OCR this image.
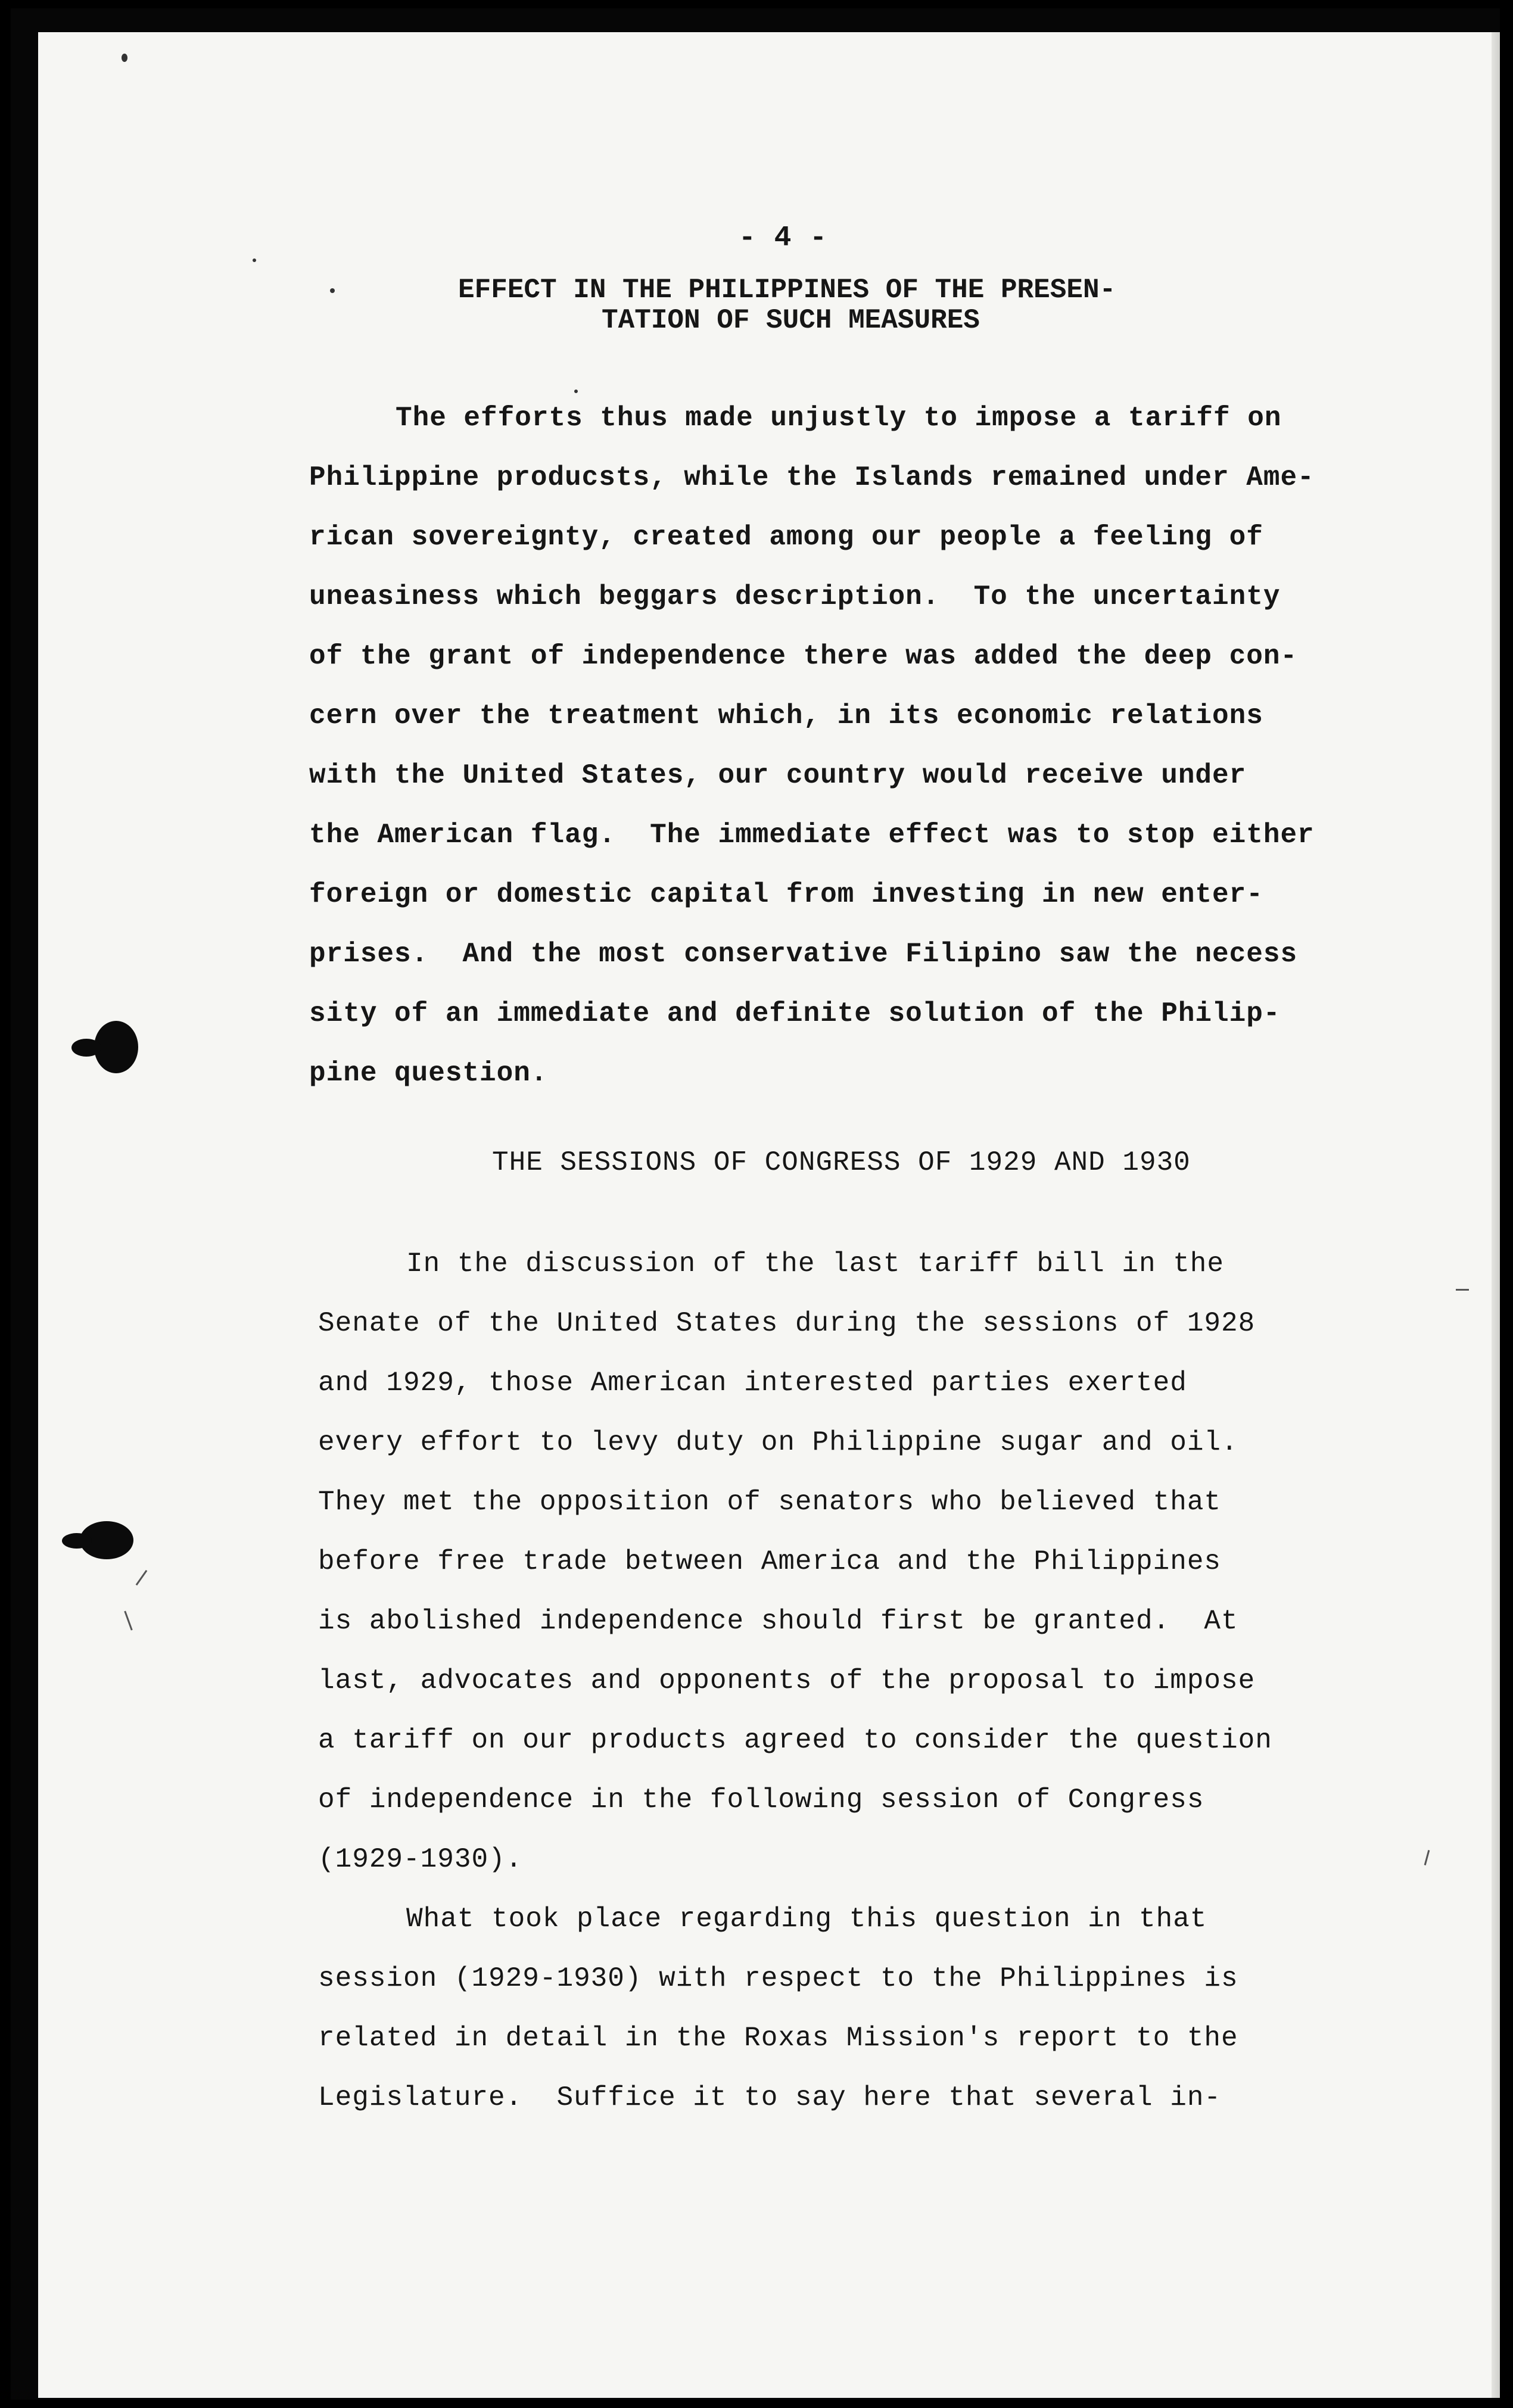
- 4 -
EFFECT IN THE PHILIPPINES OF THE PRESEN-
TATION OF SUCH MEASURES
The efforts thus made unjustly to impose a tariff on
Philippine producsts, while the Islands remained under Ame-
rican sovereignty, created among our people a feeling of
uneasiness which beggars description.  To the uncertainty
of the grant of independence there was added the deep con-
cern over the treatment which, in its economic relations
with the United States, our country would receive under
the American flag.  The immediate effect was to stop either
foreign or domestic capital from investing in new enter-
prises.  And the most conservative Filipino saw the necess
sity of an immediate and definite solution of the Philip-
pine question.
THE SESSIONS OF CONGRESS OF 1929 AND 1930
In the discussion of the last tariff bill in the
Senate of the United States during the sessions of 1928
and 1929, those American interested parties exerted
every effort to levy duty on Philippine sugar and oil.
They met the opposition of senators who believed that
before free trade between America and the Philippines
is abolished independence should first be granted.  At
last, advocates and opponents of the proposal to impose
a tariff on our products agreed to consider the question
of independence in the following session of Congress
(1929-1930).
What took place regarding this question in that
session (1929-1930) with respect to the Philippines is
related in detail in the Roxas Mission's report to the
Legislature.  Suffice it to say here that several in-
